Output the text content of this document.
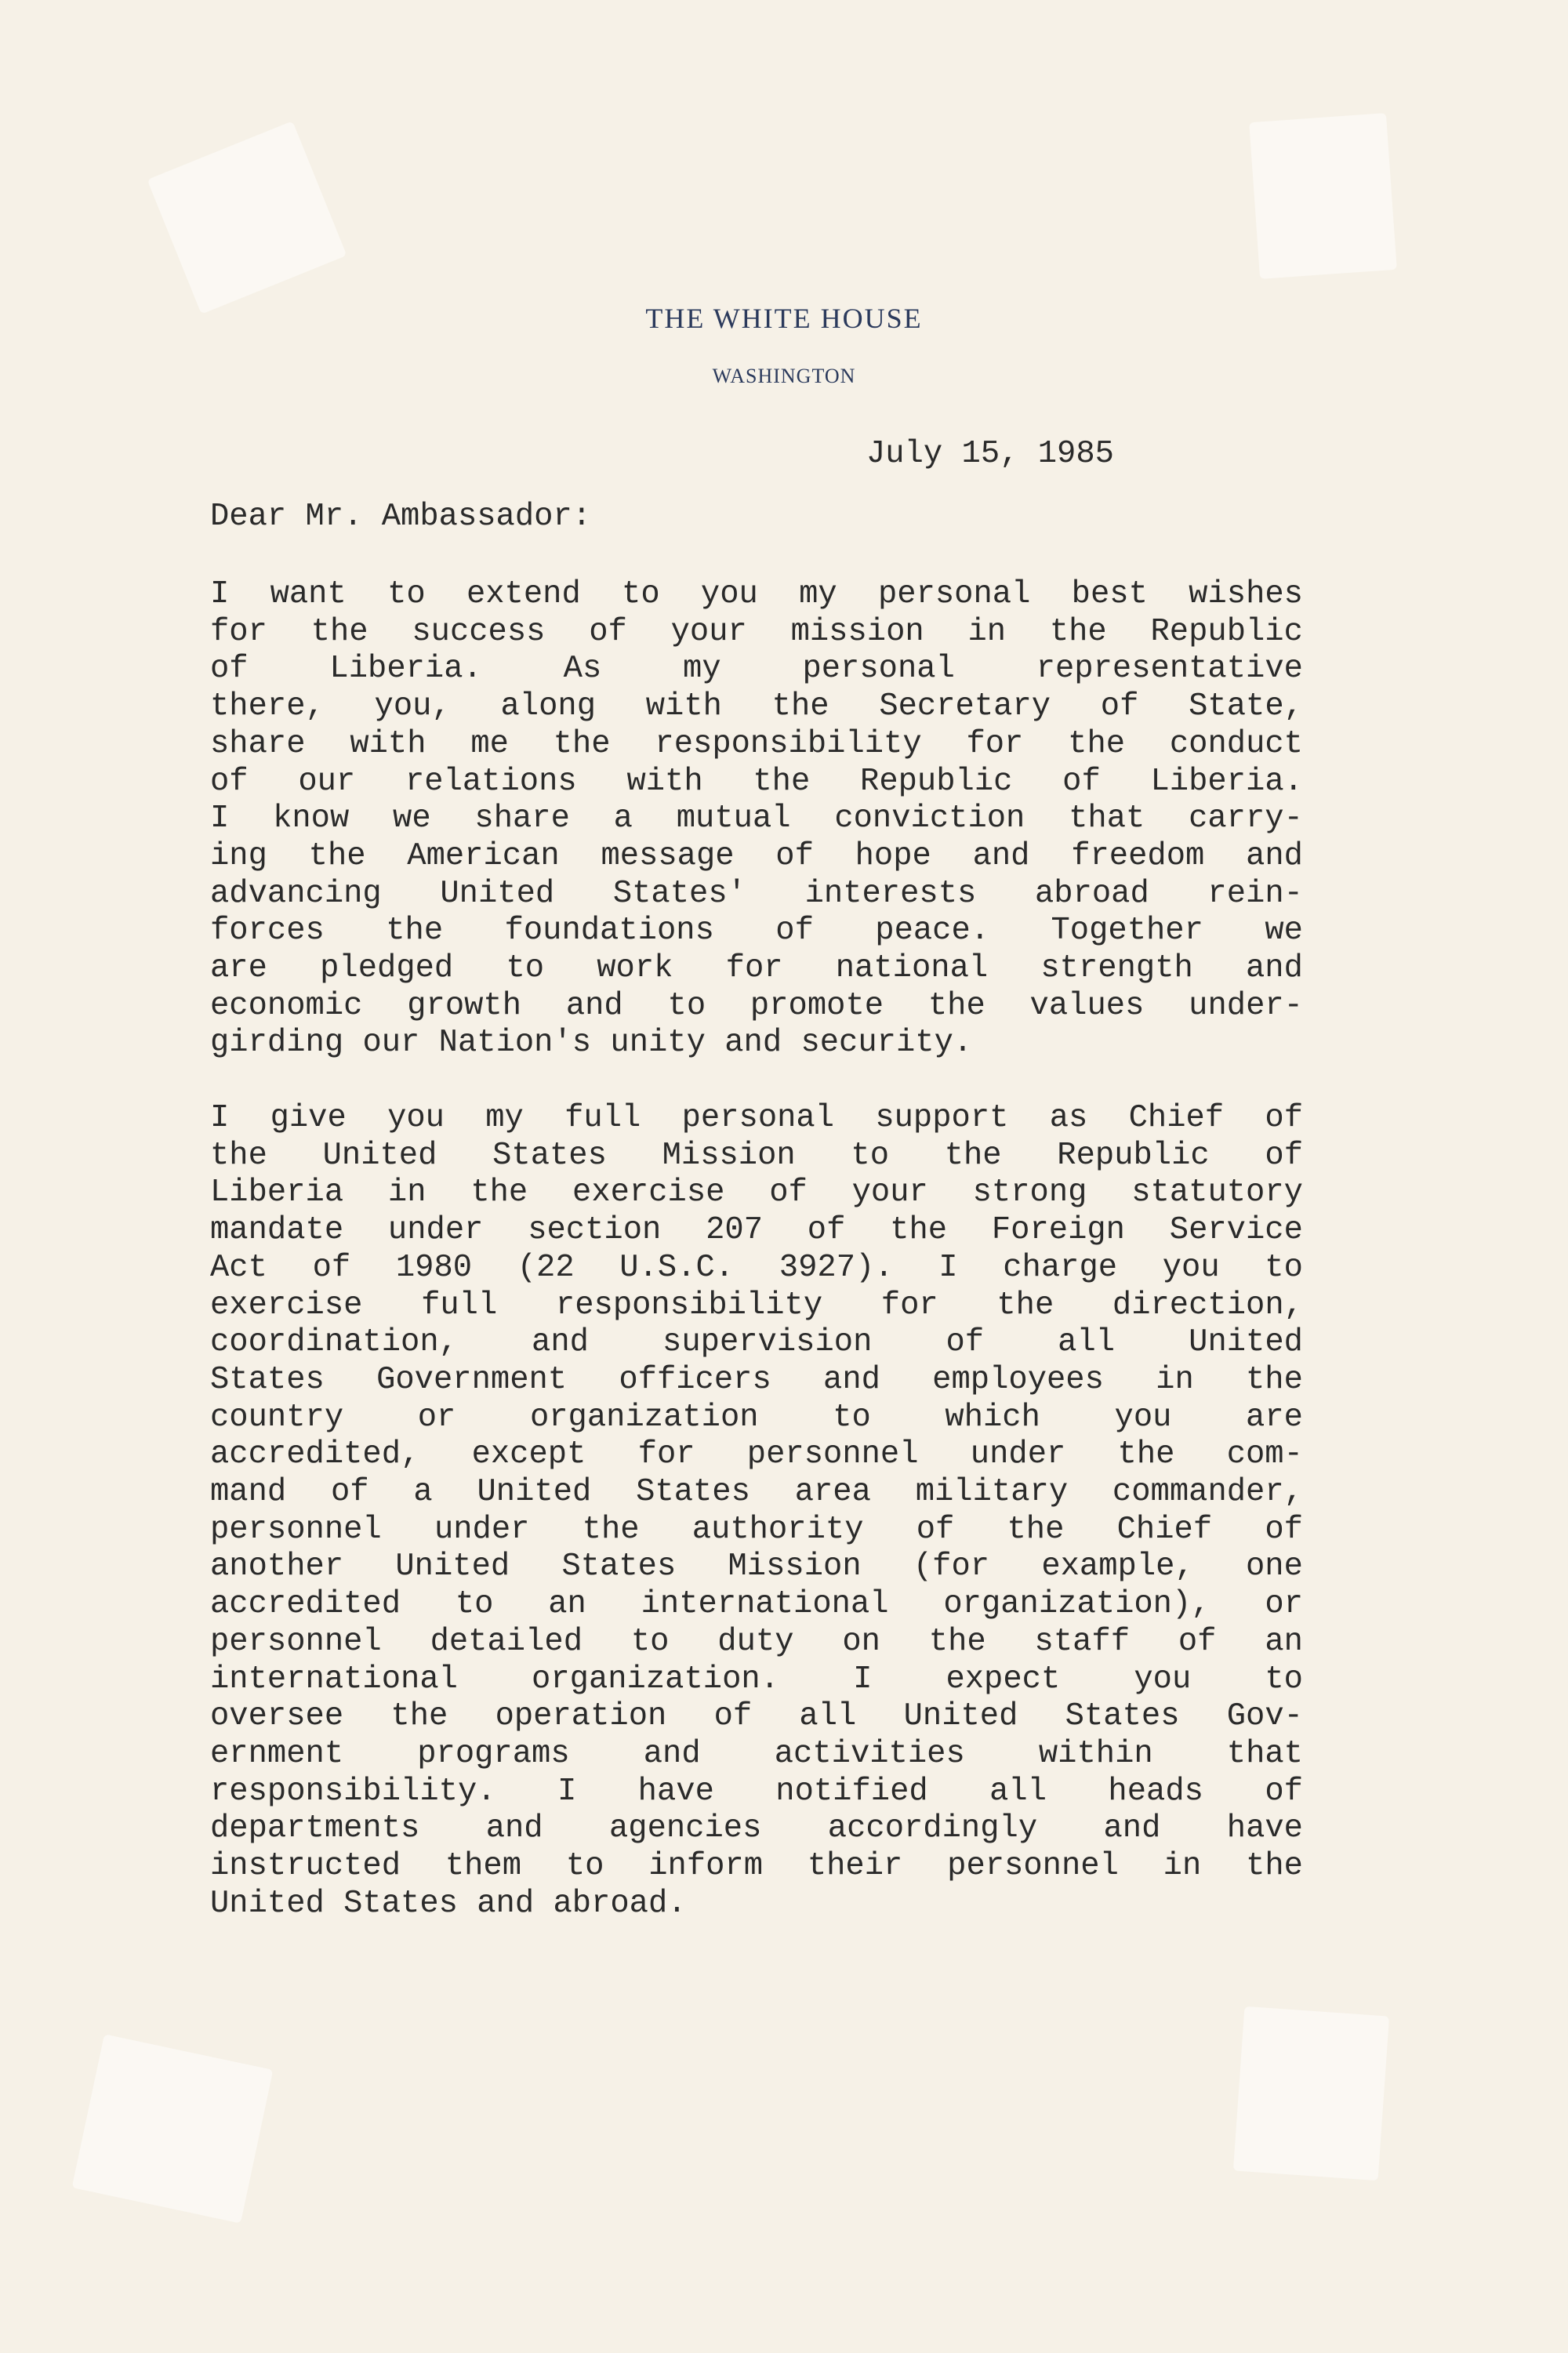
THE WHITE HOUSE
WASHINGTON
July 15, 1985
Dear Mr. Ambassador:
I want to extend to you my personal best wishes
for the success of your mission in the Republic
of	Liberia.	As	my	personal	representative
there, you, along with the Secretary of State,
share with me the responsibility for the conduct
of our relations with the Republic of Liberia.
I know we share a mutual conviction that carry-
ing the American message of hope and freedom and
advancing United States' interests abroad rein-
forces the foundations of peace. Together we
are pledged to work for national strength and
economic growth and to promote the values under-
girding our Nation's unity and security.
I give you my full personal support as Chief of
the United States Mission to the Republic of
Liberia in the exercise of your strong statutory
mandate under section 207 of the Foreign Service
Act of 1980 (22 U.S.C. 3927). I charge you to
exercise full responsibility for the direction,
coordination, and supervision of all United
States Government officers and employees in the
country or organization to which you are
accredited, except for personnel under the com-
mand of a United States area military commander,
personnel under the authority of the Chief of
another United States Mission (for example, one
accredited to an international organization), or
personnel detailed to duty on the staff of an
international organization. I expect you to
oversee the operation of all United States Gov-
ernment programs and activities within that
responsibility. I have notified all heads of
departments and agencies accordingly and have
instructed them to inform their personnel in the
United States and abroad.
